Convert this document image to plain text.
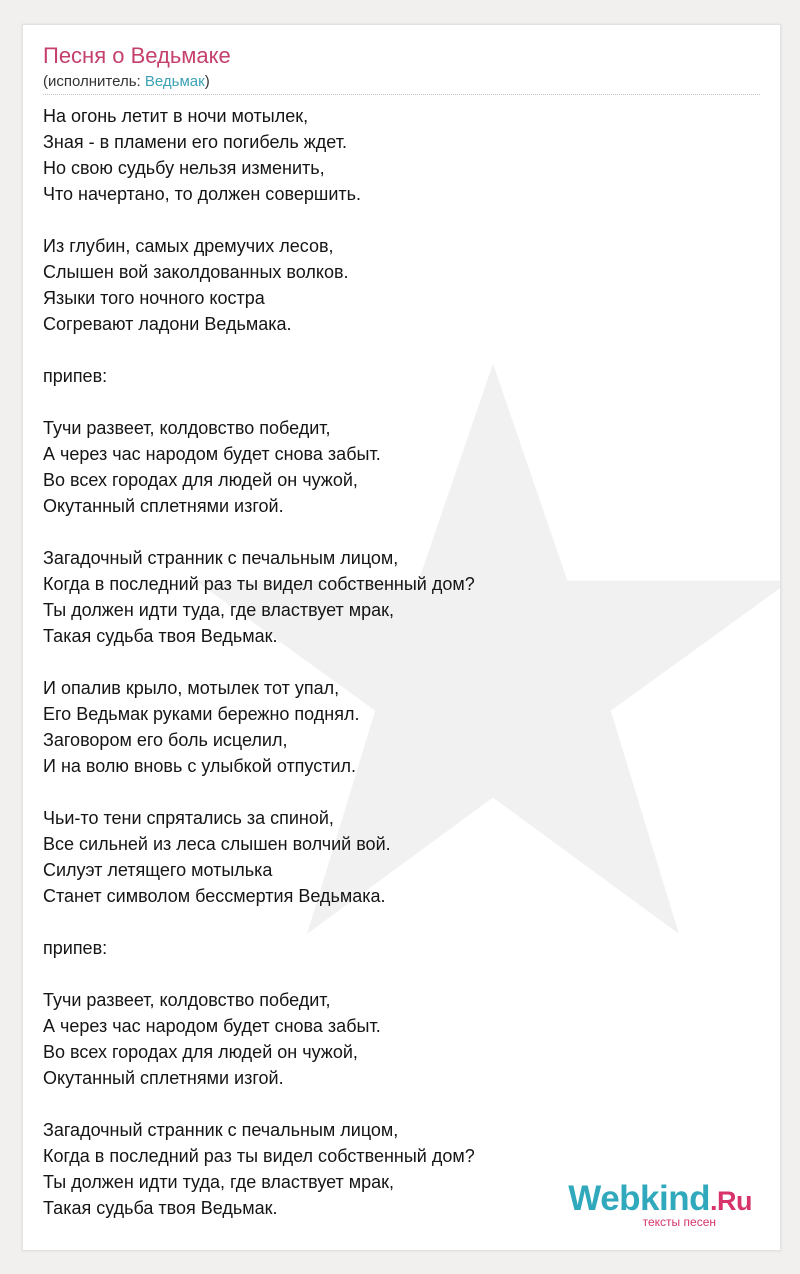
Песня о Ведьмаке
(исполнитель: Ведьмак)
На огонь летит в ночи мотылек,
Зная - в пламени его погибель ждет.
Но свою судьбу нельзя изменить,
Что начертано, то должен совершить.

Из глубин, самых дремучих лесов,
Слышен вой заколдованных волков.
Языки того ночного костра
Согревают ладони Ведьмака.

припев:

Тучи развеет, колдовство победит,
А через час народом будет снова забыт.
Во всех городах для людей он чужой,
Окутанный сплетнями изгой.

Загадочный странник с печальным лицом,
Когда в последний раз ты видел собственный дом?
Ты должен идти туда, где властвует мрак,
Такая судьба твоя Ведьмак.

И опалив крыло, мотылек тот упал,
Его Ведьмак руками бережно поднял.
Заговором его боль исцелил,
И на волю вновь с улыбкой отпустил.

Чьи-то тени спрятались за спиной,
Все сильней из леса слышен волчий вой.
Силуэт летящего мотылька
Станет символом бессмертия Ведьмака.

припев:

Тучи развеет, колдовство победит,
А через час народом будет снова забыт.
Во всех городах для людей он чужой,
Окутанный сплетнями изгой.

Загадочный странник с печальным лицом,
Когда в последний раз ты видел собственный дом?
Ты должен идти туда, где властвует мрак,
Такая судьба твоя Ведьмак.	Webkind.Ru
тексты песен
